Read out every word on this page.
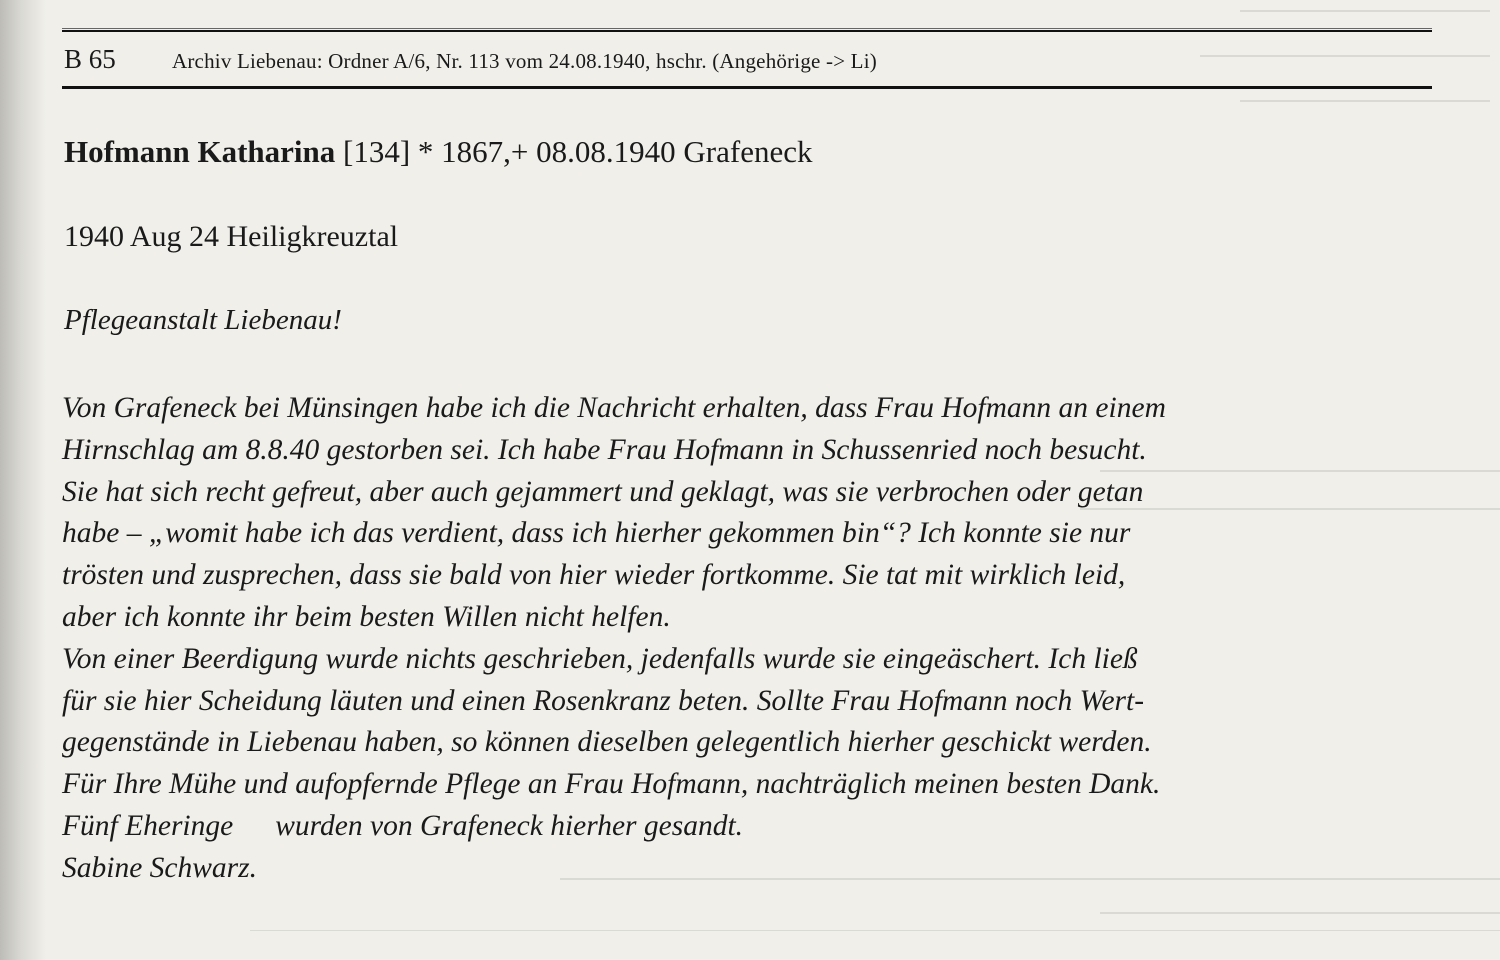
B 65	Archiv Liebenau: Ordner A/6, Nr. 113 vom 24.08.1940, hschr. (Angehörige -> Li)
Hofmann Katharina [134] * 1867,+ 08.08.1940 Grafeneck
1940 Aug 24 Heiligkreuztal
Pflegeanstalt Liebenau!
Von Grafeneck bei Münsingen habe ich die Nachricht erhalten, dass Frau Hofmann an einem
Hirnschlag am 8.8.40 gestorben sei. Ich habe Frau Hofmann in Schussenried noch besucht.
Sie hat sich recht gefreut, aber auch gejammert und geklagt, was sie verbrochen oder getan
habe – „womit habe ich das verdient, dass ich hierher gekommen bin“? Ich konnte sie nur
trösten und zusprechen, dass sie bald von hier wieder fortkomme. Sie tat mit wirklich leid,
aber ich konnte ihr beim besten Willen nicht helfen.
Von einer Beerdigung wurde nichts geschrieben, jedenfalls wurde sie eingeäschert. Ich ließ
für sie hier Scheidung läuten und einen Rosenkranz beten. Sollte Frau Hofmann noch Wert-
gegenstände in Liebenau haben, so können dieselben gelegentlich hierher geschickt werden.
Für Ihre Mühe und aufopfernde Pflege an Frau Hofmann, nachträglich meinen besten Dank.
Fünf Eheringe wurden von Grafeneck hierher gesandt.
Sabine Schwarz.
